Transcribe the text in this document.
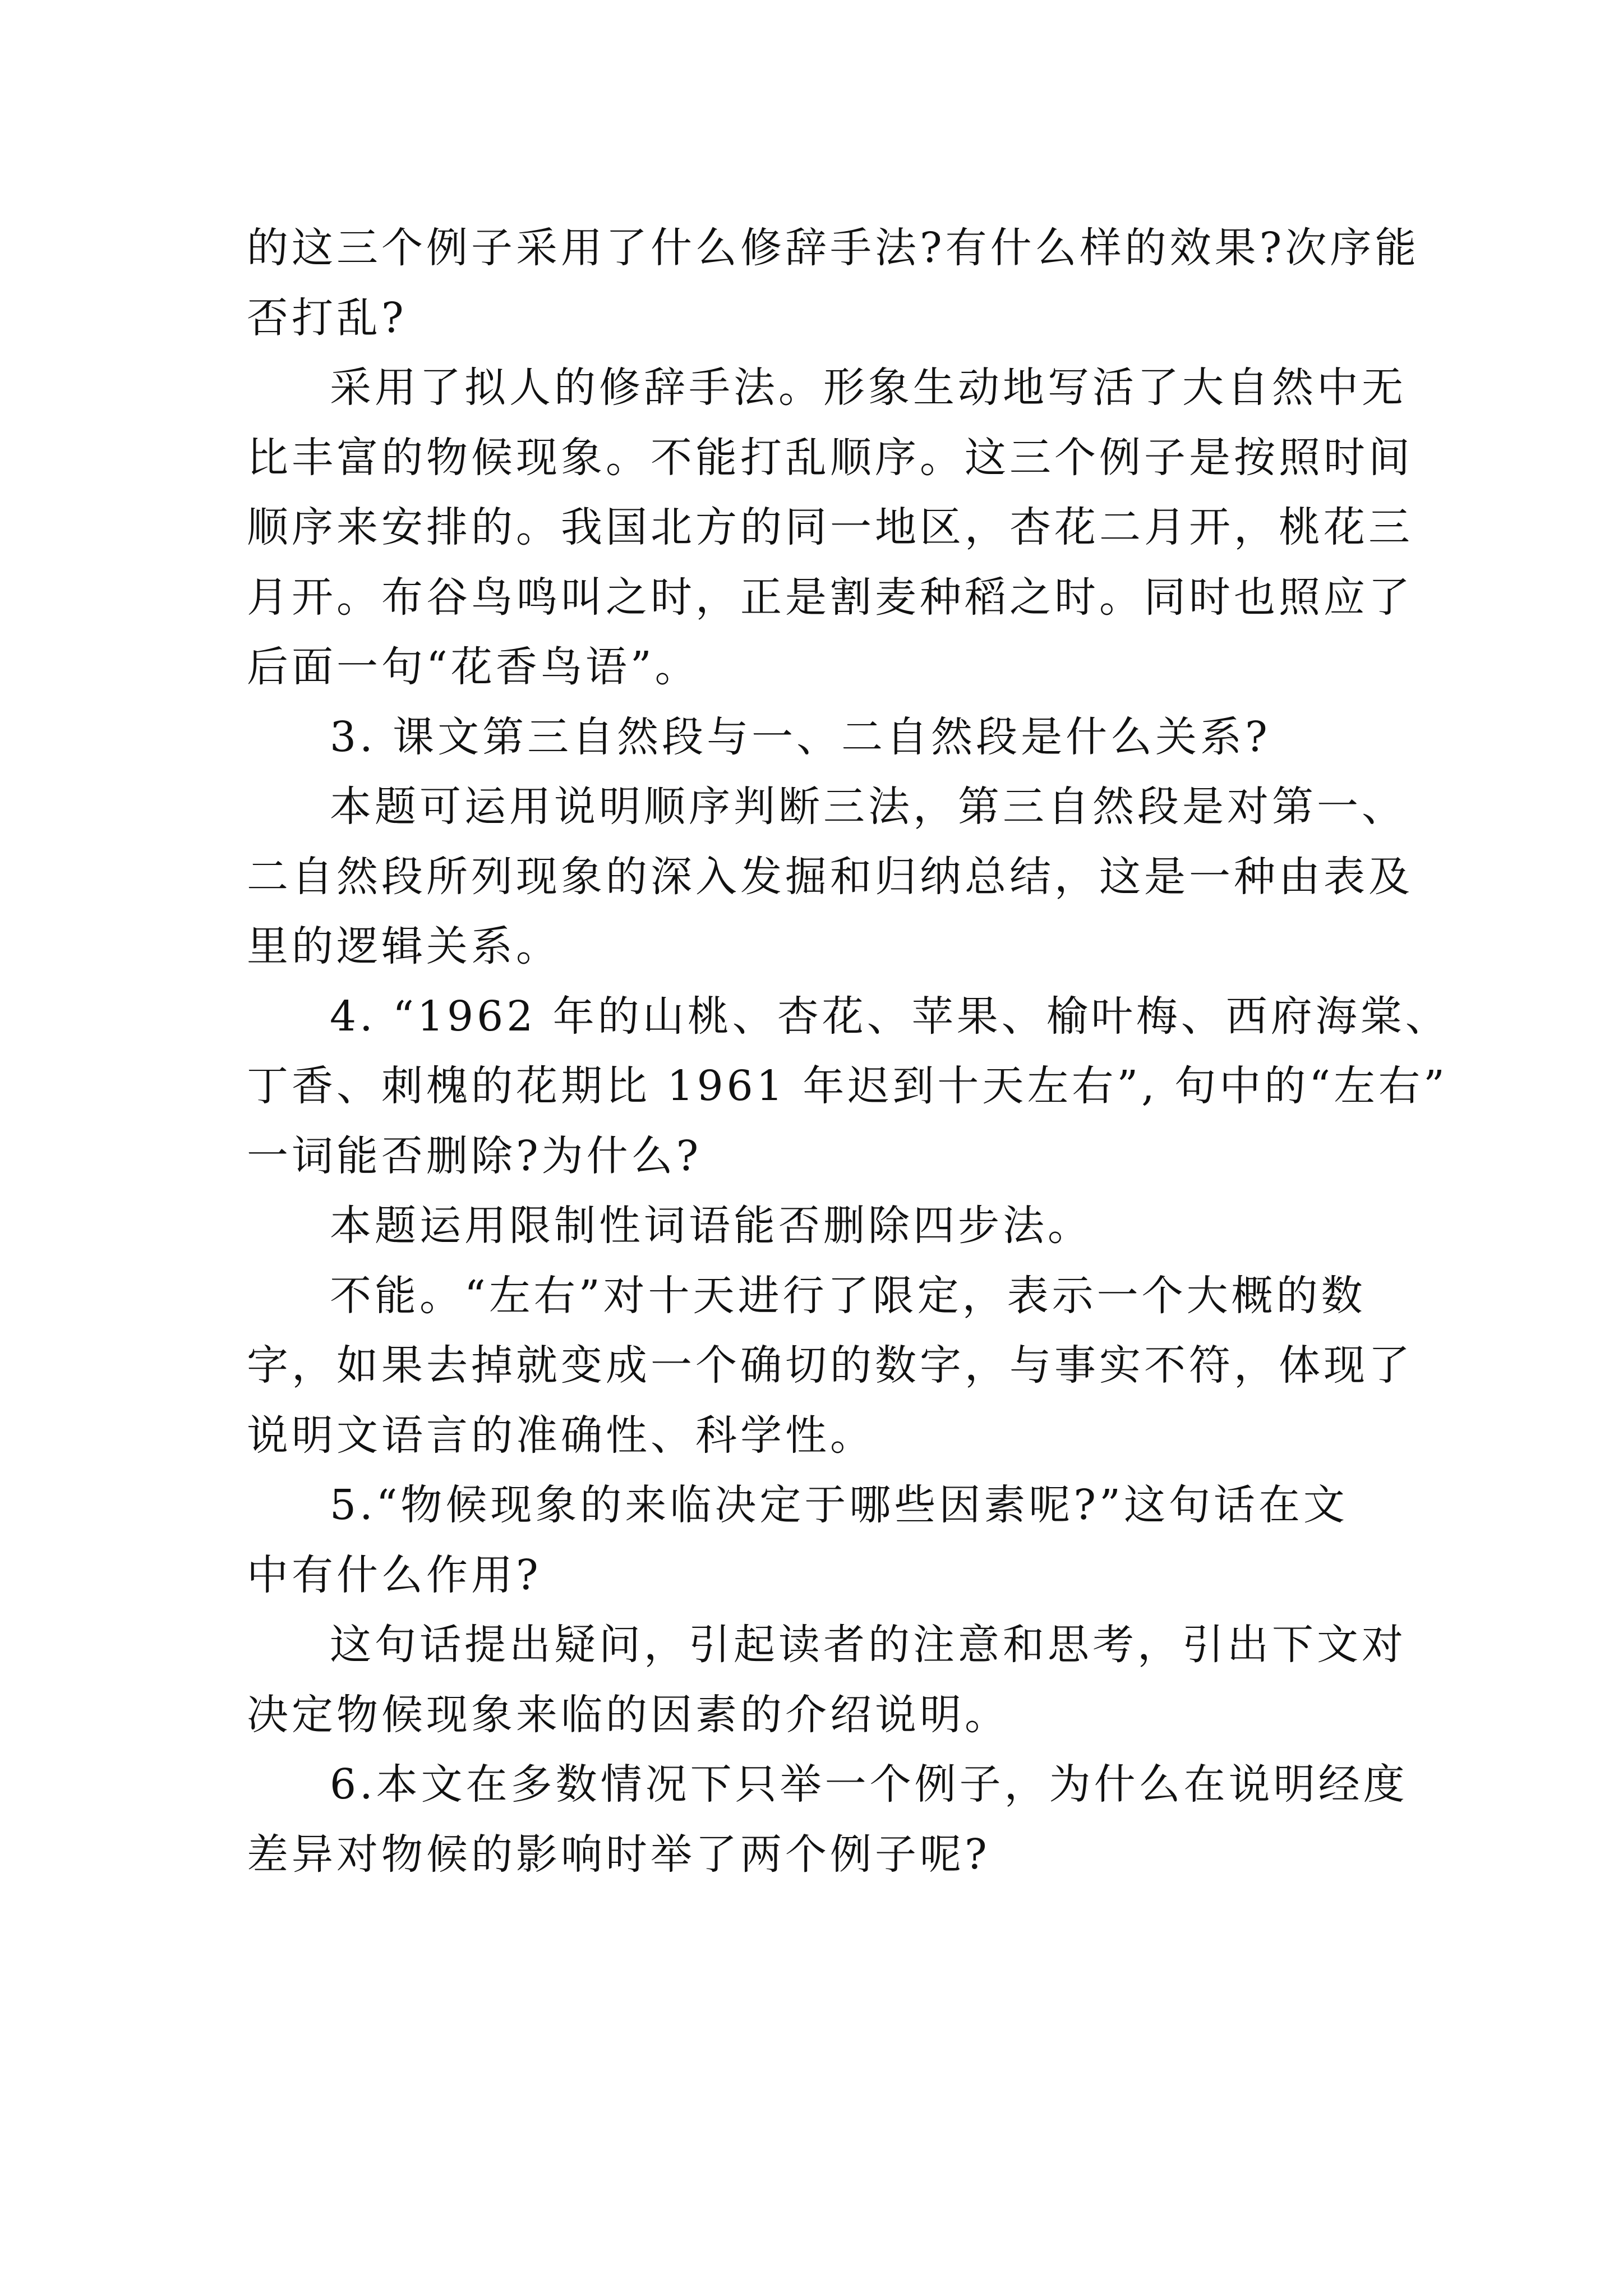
的这三个例子采用了什么修辞手法?有什么样的效果?次序能
否打乱?
采用了拟人的修辞手法。形象生动地写活了大自然中无
比丰富的物候现象。不能打乱顺序。这三个例子是按照时间
顺序来安排的。我国北方的同一地区，杏花二月开，桃花三
月开。布谷鸟鸣叫之时，正是割麦种稻之时。同时也照应了
后面一句“花香鸟语”。
3. 课文第三自然段与一、二自然段是什么关系?
本题可运用说明顺序判断三法，第三自然段是对第一、
二自然段所列现象的深入发掘和归纳总结，这是一种由表及
里的逻辑关系。
4. “1962 年的山桃、杏花、苹果、榆叶梅、西府海棠、
丁香、刺槐的花期比 1961 年迟到十天左右”, 句中的“左右”
一词能否删除?为什么?
本题运用限制性词语能否删除四步法。
不能。“左右”对十天进行了限定，表示一个大概的数
字，如果去掉就变成一个确切的数字，与事实不符，体现了
说明文语言的准确性、科学性。
5.“物候现象的来临决定于哪些因素呢?”这句话在文
中有什么作用?
这句话提出疑问，引起读者的注意和思考，引出下文对
决定物候现象来临的因素的介绍说明。
6.本文在多数情况下只举一个例子，为什么在说明经度
差异对物候的影响时举了两个例子呢?
